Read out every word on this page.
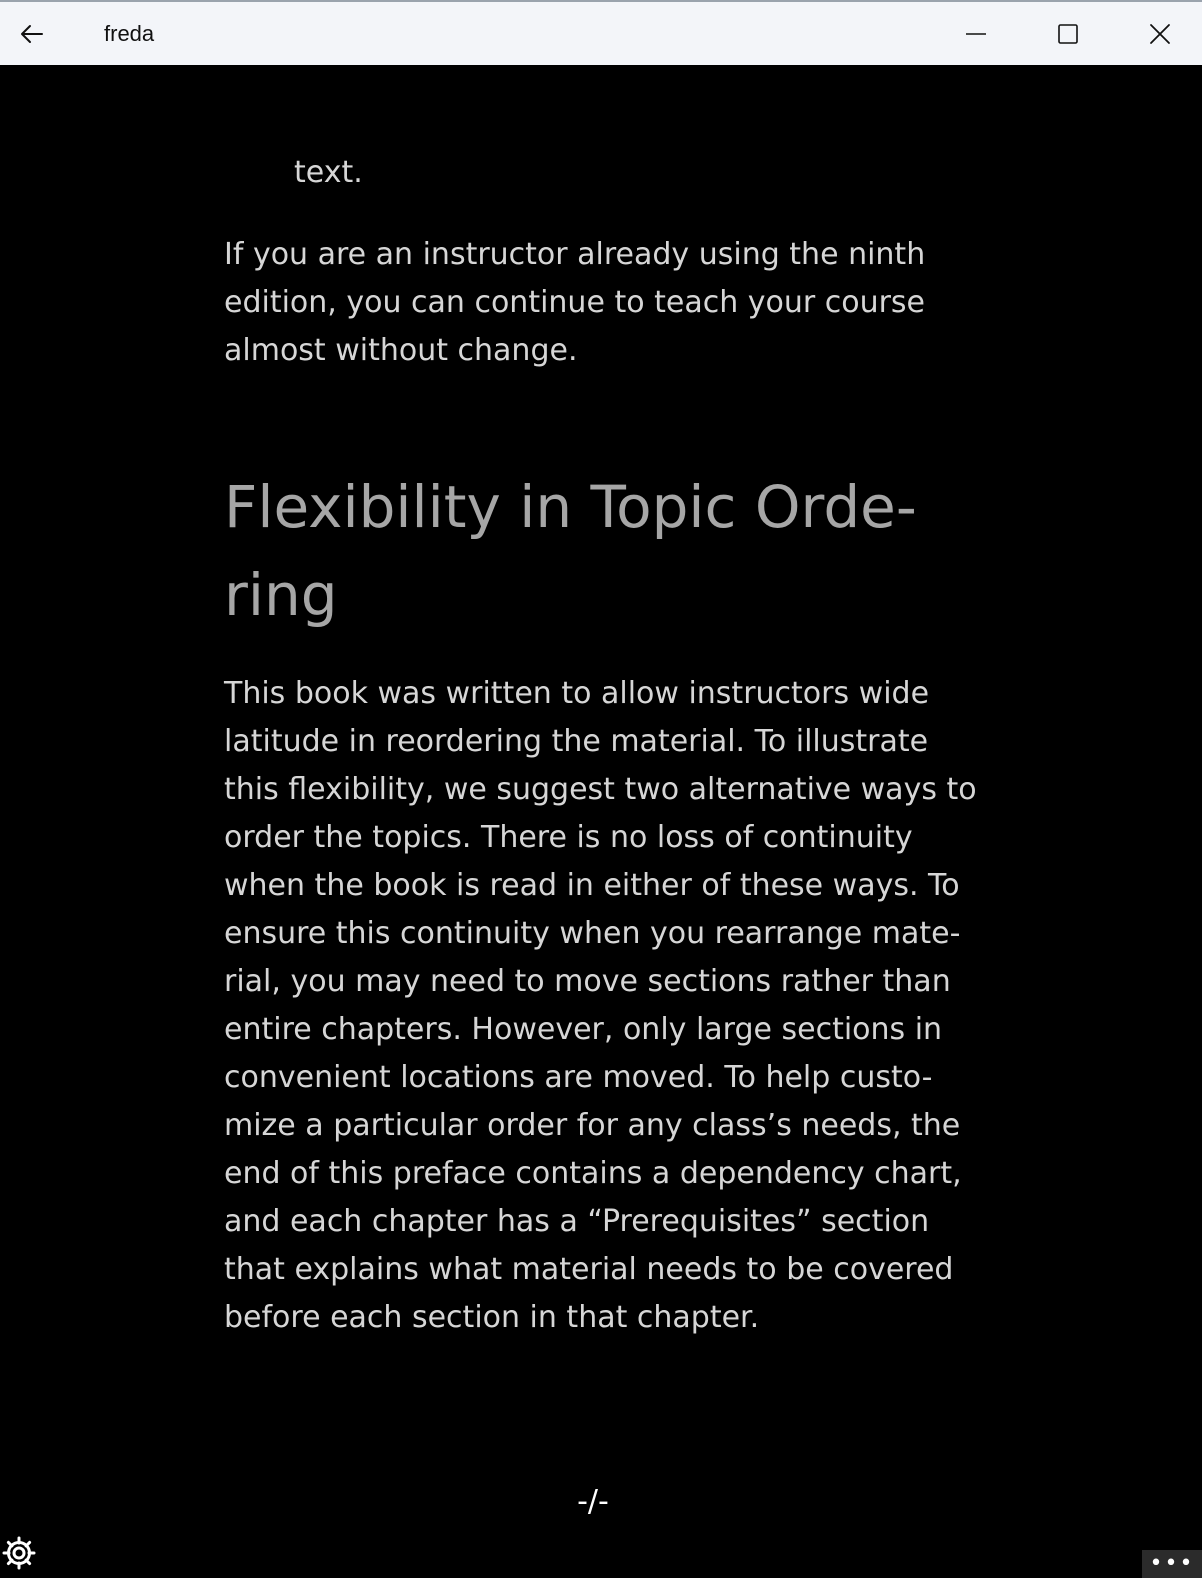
freda

text.

If you are an instructor already using the ninth
edition, you can continue to teach your course
almost without change.

Flexibility in Topic Orde-
ring

This book was written to allow instructors wide
latitude in reordering the material. To illustrate
this flexibility, we suggest two alternative ways to
order the topics. There is no loss of continuity
when the book is read in either of these ways. To
ensure this continuity when you rearrange mate-
rial, you may need to move sections rather than
entire chapters. However, only large sections in
convenient locations are moved. To help custo-
mize a particular order for any class’s needs, the
end of this preface contains a dependency chart,
and each chapter has a “Prerequisites” section
that explains what material needs to be covered
before each section in that chapter.

-/-
•••
